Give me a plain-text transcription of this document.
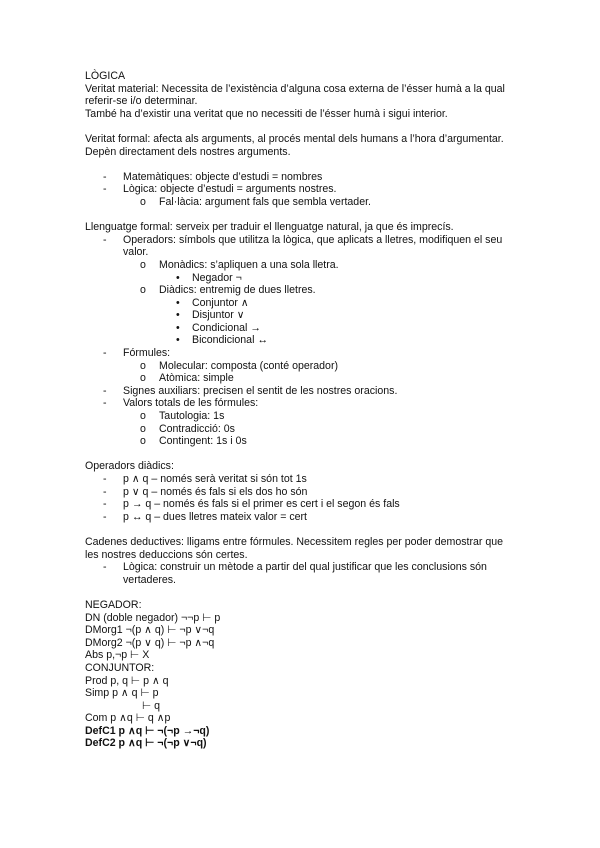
LÒGICA

Veritat material: Necessita de l’existència d’alguna cosa externa de l’ésser humà a la qual referir-se i/o determinar.

També ha d’existir una veritat que no necessiti de l’ésser humà i sigui interior.

Veritat formal: afecta als arguments, al procés mental dels humans a l’hora d’argumentar. Depèn directament dels nostres arguments.

- Matemàtiques: objecte d’estudi = nombres
- Lògica: objecte d’estudi = arguments nostres.
o Fal·làcia: argument fals que sembla vertader.

Llenguatge formal: serveix per traduir el llenguatge natural, ja que és imprecís.

- Operadors: símbols que utilitza la lògica, que aplicats a lletres, modifiquen el seu valor.
o Monàdics: s’apliquen a una sola lletra.
• Negador ¬
o Diàdics: entremig de dues lletres.
• Conjuntor ∧
• Disjuntor ∨
• Condicional →
• Bicondicional ↔
- Fórmules:
o Molecular: composta (conté operador)
o Atòmica: simple
- Signes auxiliars: precisen el sentit de les nostres oracions.
- Valors totals de les fórmules:
o Tautologia: 1s
o Contradicció: 0s
o Contingent: 1s i 0s

Operadors diàdics:

- p ∧ q – només serà veritat si són tot 1s
- p ∨ q – només és fals si els dos ho són
- p → q – només és fals si el primer es cert i el segon és fals
- p ↔ q – dues lletres mateix valor = cert

Cadenes deductives: lligams entre fórmules. Necessitem regles per poder demostrar que les nostres deduccions són certes.

- Lògica: construir un mètode a partir del qual justificar que les conclusions són vertaderes.

NEGADOR:

DN (doble negador) ¬¬p ⊢ p

DMorg1 ¬(p ∧ q) ⊢ ¬p ∨¬q

DMorg2 ¬(p ∨ q) ⊢ ¬p ∧¬q

Abs p,¬p ⊢ X

CONJUNTOR:

Prod p, q ⊢ p ∧ q

Simp p ∧ q ⊢ p

⊢ q

Com p ∧q ⊢ q ∧p

DefC1 p ∧q ⊢ ¬(¬p →¬q)

DefC2 p ∧q ⊢ ¬(¬p ∨¬q)
